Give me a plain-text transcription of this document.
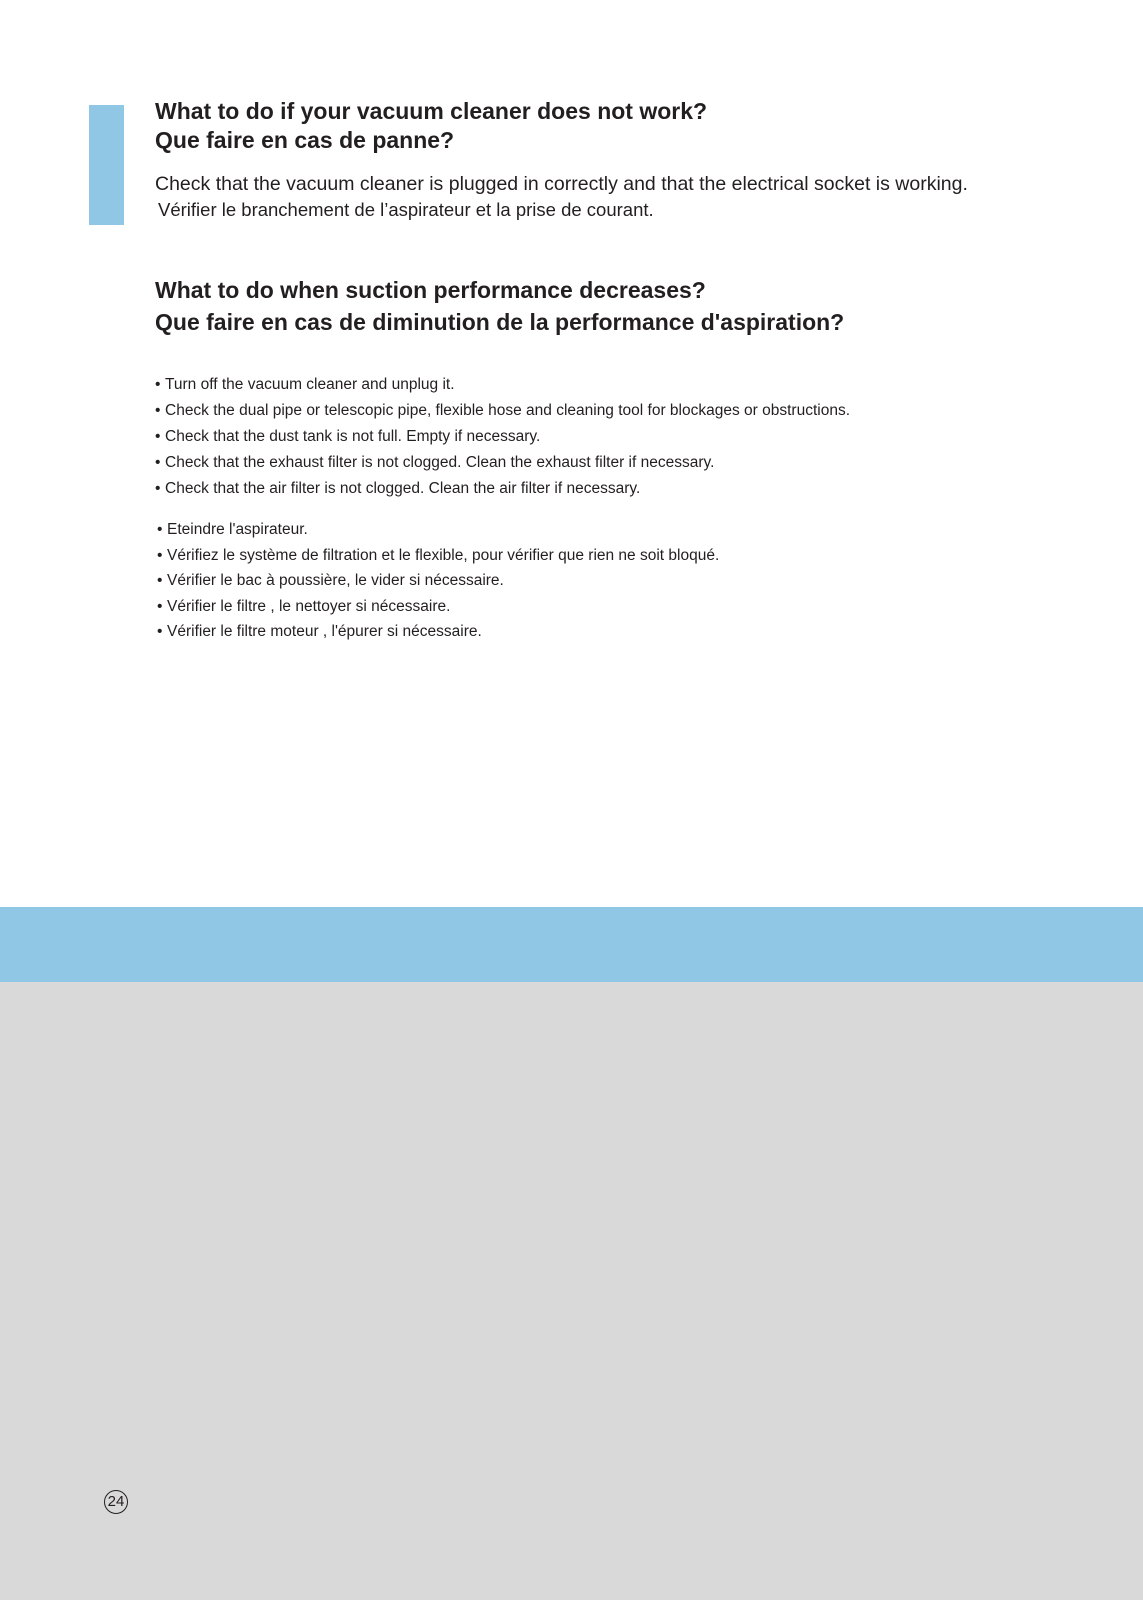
What to do if your vacuum cleaner does not work?
Que faire en cas de panne?

Check that the vacuum cleaner is plugged in correctly and that the electrical socket is working.

Vérifier le branchement de l’aspirateur et la prise de courant.

What to do when suction performance decreases?
Que faire en cas de diminution de la performance d'aspiration?
• Turn off the vacuum cleaner and unplug it.
• Check the dual pipe or telescopic pipe, flexible hose and cleaning tool for blockages or obstructions.
• Check that the dust tank is not full. Empty if necessary.
• Check that the exhaust filter is not clogged. Clean the exhaust filter if necessary.
• Check that the air filter is not clogged. Clean the air filter if necessary.
• Eteindre l'aspirateur.
• Vérifiez le système de filtration et le flexible, pour vérifier que rien ne soit bloqué.
• Vérifier le bac à poussière, le vider si nécessaire.
• Vérifier le filtre , le nettoyer si nécessaire.
• Vérifier le filtre moteur , l'épurer si nécessaire.
24
